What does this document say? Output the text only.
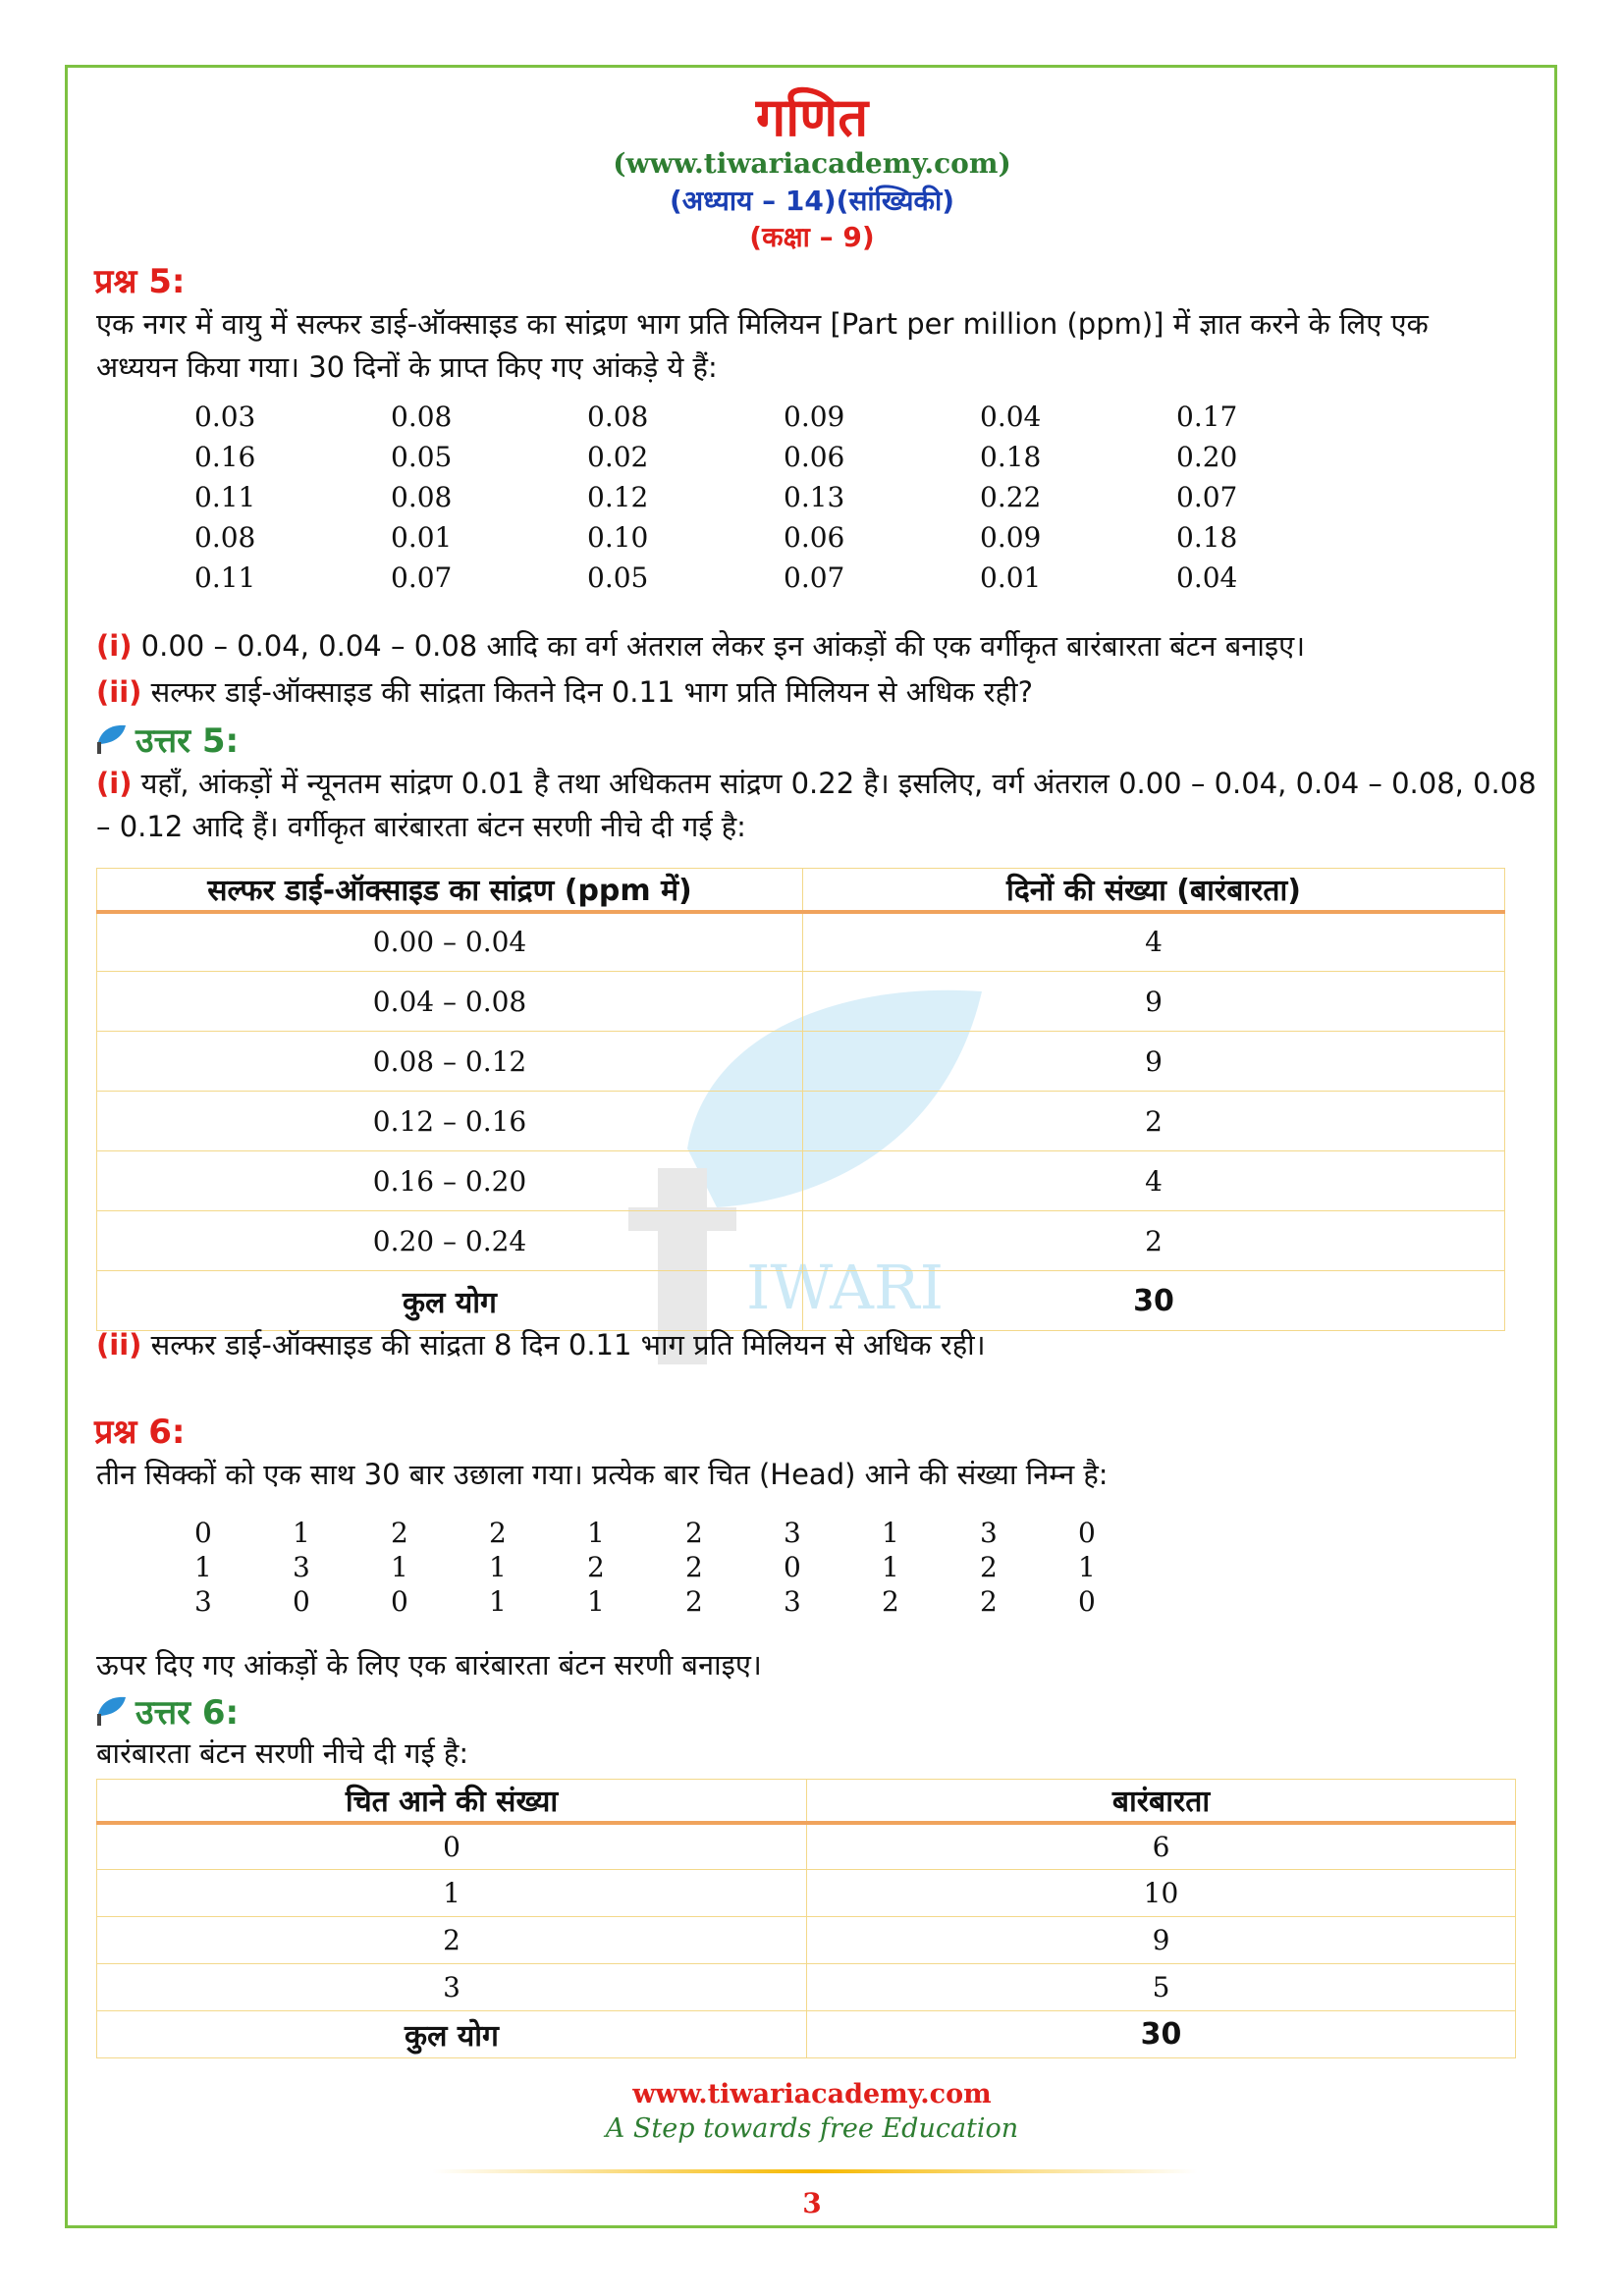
IWARI
गणित
(www.tiwariacademy.com)
(अध्याय – 14)(सांख्यिकी)
(कक्षा – 9)
प्रश्न 5:
एक नगर में वायु में सल्फर डाई-ऑक्साइड का सांद्रण भाग प्रति मिलियन [Part per million (ppm)] में ज्ञात करने के लिए एक
अध्ययन किया गया। 30 दिनों के प्राप्त किए गए आंकड़े ये हैं:
0.03	0.08	0.08	0.09	0.04	0.17
0.16	0.05	0.02	0.06	0.18	0.20
0.11	0.08	0.12	0.13	0.22	0.07
0.08	0.01	0.10	0.06	0.09	0.18
0.11	0.07	0.05	0.07	0.01	0.04
(i) 0.00 – 0.04, 0.04 – 0.08 आदि का वर्ग अंतराल लेकर इन आंकड़ों की एक वर्गीकृत बारंबारता बंटन बनाइए।
(ii) सल्फर डाई-ऑक्साइड की सांद्रता कितने दिन 0.11 भाग प्रति मिलियन से अधिक रही?
उत्तर 5:
(i) यहाँ, आंकड़ों में न्यूनतम सांद्रण 0.01 है तथा अधिकतम सांद्रण 0.22 है। इसलिए, वर्ग अंतराल 0.00 – 0.04, 0.04 – 0.08, 0.08
– 0.12 आदि हैं। वर्गीकृत बारंबारता बंटन सरणी नीचे दी गई है:
सल्फर डाई-ऑक्साइड का सांद्रण (ppm में)	दिनों की संख्या (बारंबारता)
0.00 – 0.04	4
0.04 – 0.08	9
0.08 – 0.12	9
0.12 – 0.16	2
0.16 – 0.20	4
0.20 – 0.24	2
कुल योग	30
(ii) सल्फर डाई-ऑक्साइड की सांद्रता 8 दिन 0.11 भाग प्रति मिलियन से अधिक रही।
प्रश्न 6:
तीन सिक्कों को एक साथ 30 बार उछाला गया। प्रत्येक बार चित (Head) आने की संख्या निम्न है:
0	1	2	2	1	2	3	1	3	0
1	3	1	1	2	2	0	1	2	1
3	0	0	1	1	2	3	2	2	0
ऊपर दिए गए आंकड़ों के लिए एक बारंबारता बंटन सरणी बनाइए।
उत्तर 6:
बारंबारता बंटन सरणी नीचे दी गई है:
चित आने की संख्या	बारंबारता
0	6
1	10
2	9
3	5
कुल योग	30
www.tiwariacademy.com
A Step towards free Education
3
